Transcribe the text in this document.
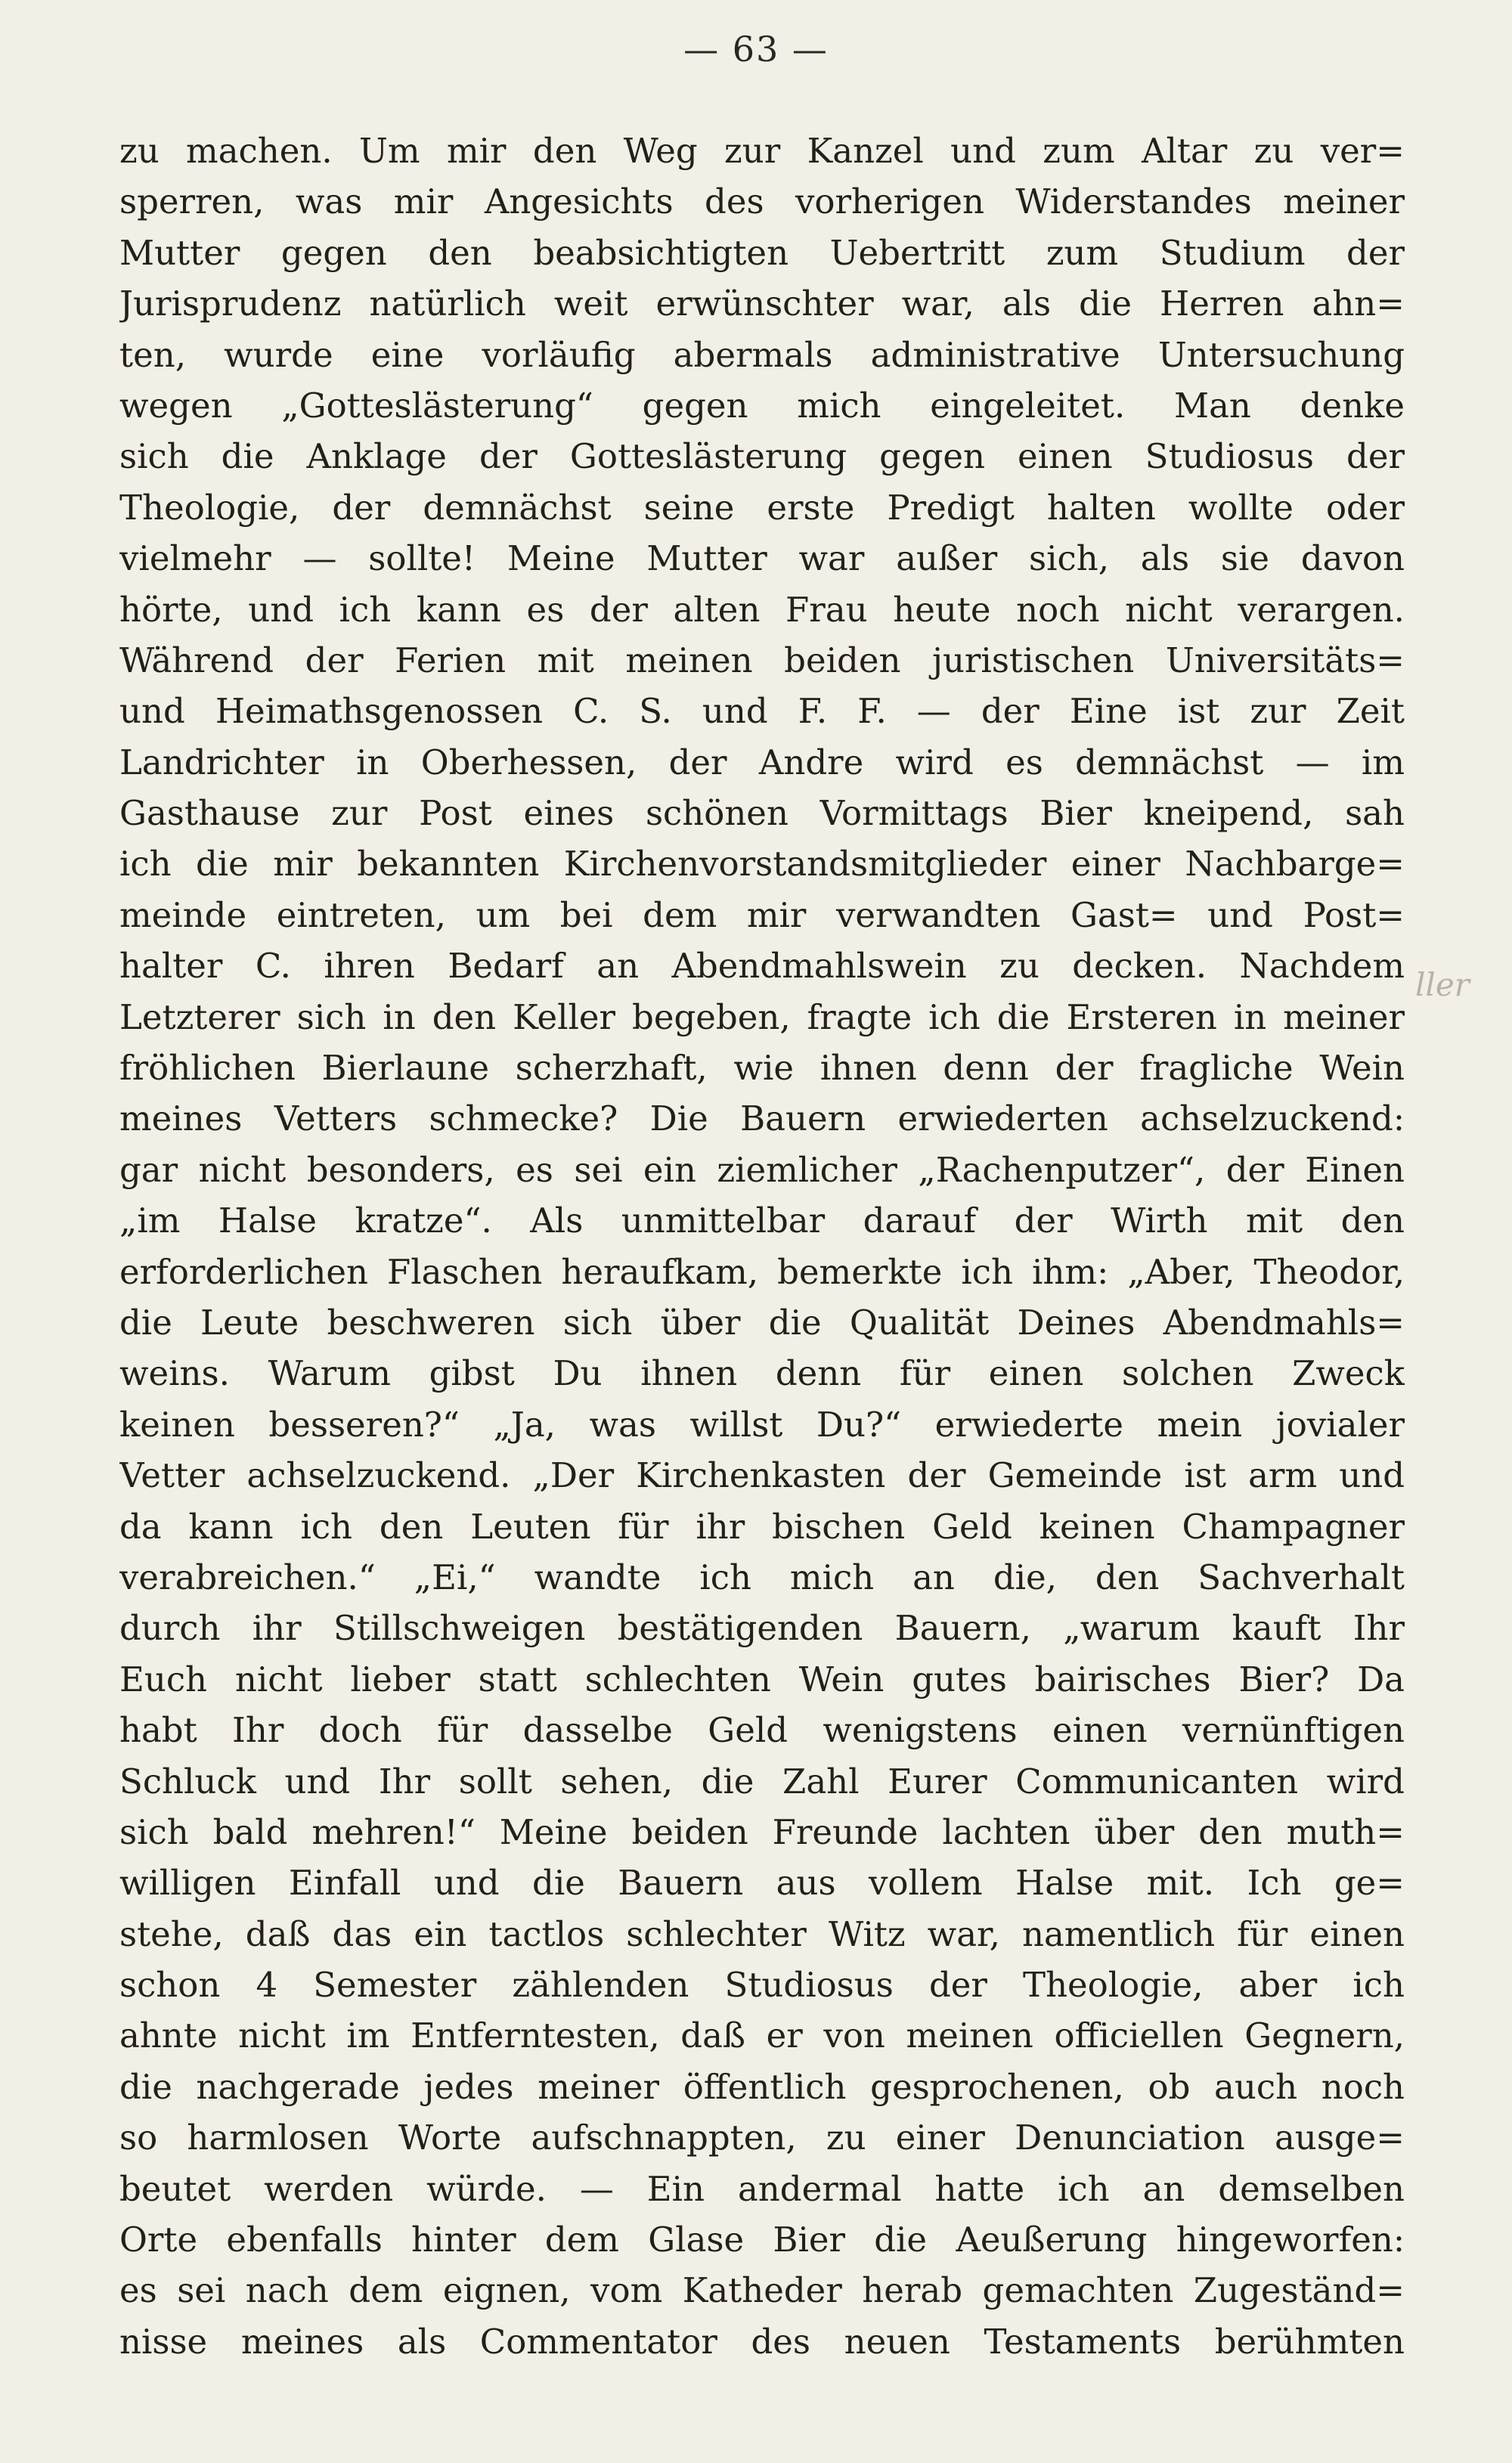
— 63 —
zu machen. Um mir den Weg zur Kanzel und zum Altar zu ver=
sperren, was mir Angesichts des vorherigen Widerstandes meiner
Mutter gegen den beabsichtigten Uebertritt zum Studium der
Jurisprudenz natürlich weit erwünschter war, als die Herren ahn=
ten, wurde eine vorläufig abermals administrative Untersuchung
wegen „Gotteslästerung“ gegen mich eingeleitet. Man denke
sich die Anklage der Gotteslästerung gegen einen Studiosus der
Theologie, der demnächst seine erste Predigt halten wollte oder
vielmehr — sollte! Meine Mutter war außer sich, als sie davon
hörte, und ich kann es der alten Frau heute noch nicht verargen.
Während der Ferien mit meinen beiden juristischen Universitäts=
und Heimathsgenossen C. S. und F. F. — der Eine ist zur Zeit
Landrichter in Oberhessen, der Andre wird es demnächst — im
Gasthause zur Post eines schönen Vormittags Bier kneipend, sah
ich die mir bekannten Kirchenvorstandsmitglieder einer Nachbarge=
meinde eintreten, um bei dem mir verwandten Gast= und Post=
halter C. ihren Bedarf an Abendmahlswein zu decken. Nachdem
Letzterer sich in den Keller begeben, fragte ich die Ersteren in meiner
fröhlichen Bierlaune scherzhaft, wie ihnen denn der fragliche Wein
meines Vetters schmecke? Die Bauern erwiederten achselzuckend:
gar nicht besonders, es sei ein ziemlicher „Rachenputzer“, der Einen
„im Halse kratze“. Als unmittelbar darauf der Wirth mit den
erforderlichen Flaschen heraufkam, bemerkte ich ihm: „Aber, Theodor,
die Leute beschweren sich über die Qualität Deines Abendmahls=
weins. Warum gibst Du ihnen denn für einen solchen Zweck
keinen besseren?“ „Ja, was willst Du?“ erwiederte mein jovialer
Vetter achselzuckend. „Der Kirchenkasten der Gemeinde ist arm und
da kann ich den Leuten für ihr bischen Geld keinen Champagner
verabreichen.“ „Ei,“ wandte ich mich an die, den Sachverhalt
durch ihr Stillschweigen bestätigenden Bauern, „warum kauft Ihr
Euch nicht lieber statt schlechten Wein gutes bairisches Bier? Da
habt Ihr doch für dasselbe Geld wenigstens einen vernünftigen
Schluck und Ihr sollt sehen, die Zahl Eurer Communicanten wird
sich bald mehren!“ Meine beiden Freunde lachten über den muth=
willigen Einfall und die Bauern aus vollem Halse mit. Ich ge=
stehe, daß das ein tactlos schlechter Witz war, namentlich für einen
schon 4 Semester zählenden Studiosus der Theologie, aber ich
ahnte nicht im Entferntesten, daß er von meinen officiellen Gegnern,
die nachgerade jedes meiner öffentlich gesprochenen, ob auch noch
so harmlosen Worte aufschnappten, zu einer Denunciation ausge=
beutet werden würde. — Ein andermal hatte ich an demselben
Orte ebenfalls hinter dem Glase Bier die Aeußerung hingeworfen:
es sei nach dem eignen, vom Katheder herab gemachten Zugeständ=
nisse meines als Commentator des neuen Testaments berühmten
ller
